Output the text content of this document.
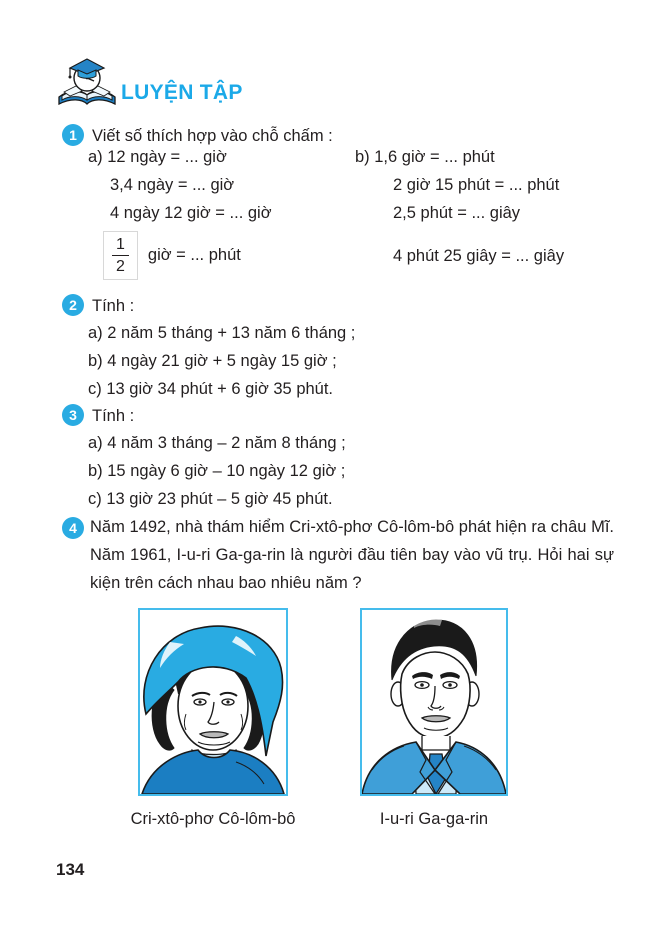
LUYỆN TẬP
1 Viết số thích hợp vào chỗ chấm :
a) 12 ngày = ... giờ
3,4 ngày = ... giờ
4 ngày 12 giờ = ... giờ
$\frac{1}{2}$ giờ = ... phút
b) 1,6 giờ = ... phút
2 giờ 15 phút = ... phút
2,5 phút = ... giây
4 phút 25 giây = ... giây
2 Tính :
a) 2 năm 5 tháng + 13 năm 6 tháng ;
b) 4 ngày 21 giờ + 5 ngày 15 giờ ;
c) 13 giờ 34 phút + 6 giờ 35 phút.
3 Tính :
a) 4 năm 3 tháng – 2 năm 8 tháng ;
b) 15 ngày 6 giờ – 10 ngày 12 giờ ;
c) 13 giờ 23 phút – 5 giờ 45 phút.
4 Năm 1492, nhà thám hiểm Cri-xtô-phơ Cô-lôm-bô phát hiện ra châu Mĩ. Năm 1961, I-u-ri Ga-ga-rin là người đầu tiên bay vào vũ trụ. Hỏi hai sự kiện trên cách nhau bao nhiêu năm ?
Cri-xtô-phơ Cô-lôm-bô	I-u-ri Ga-ga-rin
134
